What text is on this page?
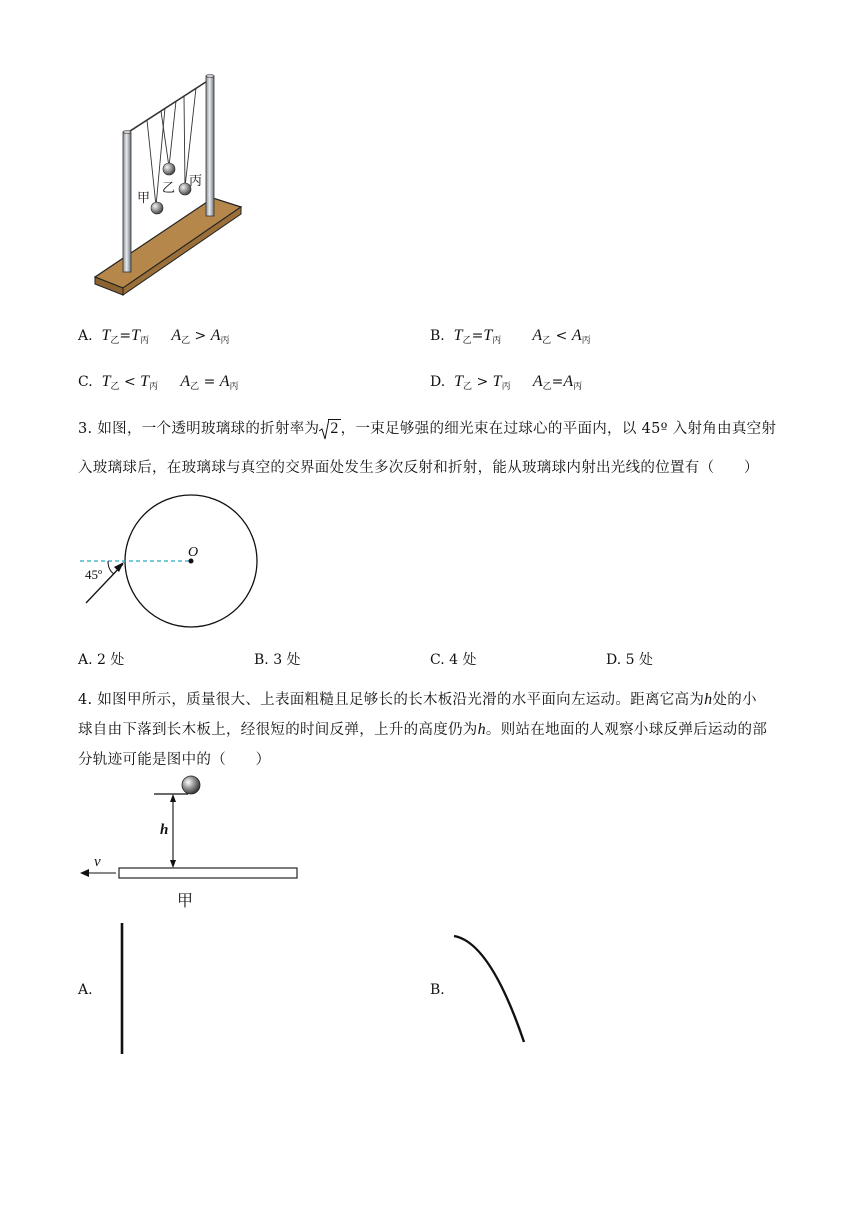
甲
乙 丙
A. $T_乙=T_丙$ $A_乙 > A_丙$	B. $T_乙=T_丙$ $A_乙 < A_丙$
C. $T_乙 < T_丙$ $A_乙 = A_丙$	D. $T_乙 > T_丙$ $A_乙=A_丙$
3. 如图，一个透明玻璃球的折射率为 2 ，一束足够强的细光束在过球心的平面内，以 45º 入射角由真空射
入玻璃球后，在玻璃球与真空的交界面处发生多次反射和折射，能从玻璃球内射出光线的位置有（　　）
O
45º
A. 2 处	B. 3 处	C. 4 处	D. 5 处
4. 如图甲所示，质量很大、上表面粗糙且足够长的长木板沿光滑的水平面向左运动。距离它高为h处的小
球自由下落到长木板上，经很短的时间反弹，上升的高度仍为h。则站在地面的人观察小球反弹后运动的部
分轨迹可能是图中的（　　）
h
v
甲
A.	B.
